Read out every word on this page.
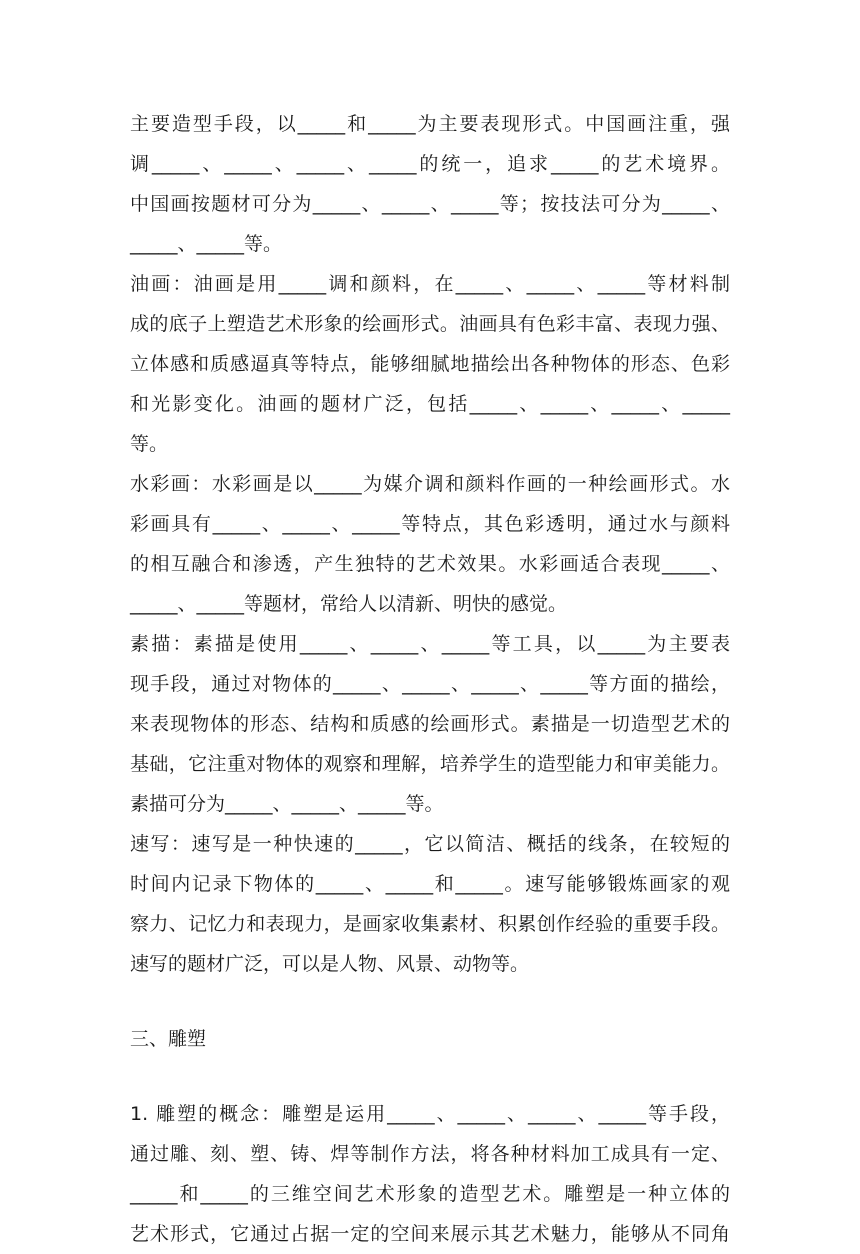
主要造型手段，以_____和_____为主要表现形式。中国画注重，强
调_____、_____、_____、_____的统一，追求_____的艺术境界。
中国画按题材可分为_____、_____、_____等；按技法可分为_____、
_____、_____等。
油画：油画是用_____调和颜料，在_____、_____、_____等材料制
成的底子上塑造艺术形象的绘画形式。油画具有色彩丰富、表现力强、
立体感和质感逼真等特点，能够细腻地描绘出各种物体的形态、色彩
和光影变化。油画的题材广泛，包括_____、_____、_____、_____
等。
水彩画：水彩画是以_____为媒介调和颜料作画的一种绘画形式。水
彩画具有_____、_____、_____等特点，其色彩透明，通过水与颜料
的相互融合和渗透，产生独特的艺术效果。水彩画适合表现_____、
_____、_____等题材，常给人以清新、明快的感觉。
素描：素描是使用_____、_____、_____等工具，以_____为主要表
现手段，通过对物体的_____、_____、_____、_____等方面的描绘，
来表现物体的形态、结构和质感的绘画形式。素描是一切造型艺术的
基础，它注重对物体的观察和理解，培养学生的造型能力和审美能力。
素描可分为_____、_____、_____等。
速写：速写是一种快速的_____，它以简洁、概括的线条，在较短的
时间内记录下物体的_____、_____和_____。速写能够锻炼画家的观
察力、记忆力和表现力，是画家收集素材、积累创作经验的重要手段。
速写的题材广泛，可以是人物、风景、动物等。
三、雕塑
1. 雕塑的概念：雕塑是运用_____、_____、_____、_____等手段，
通过雕、刻、塑、铸、焊等制作方法，将各种材料加工成具有一定、
_____和_____的三维空间艺术形象的造型艺术。雕塑是一种立体的
艺术形式，它通过占据一定的空间来展示其艺术魅力，能够从不同角
